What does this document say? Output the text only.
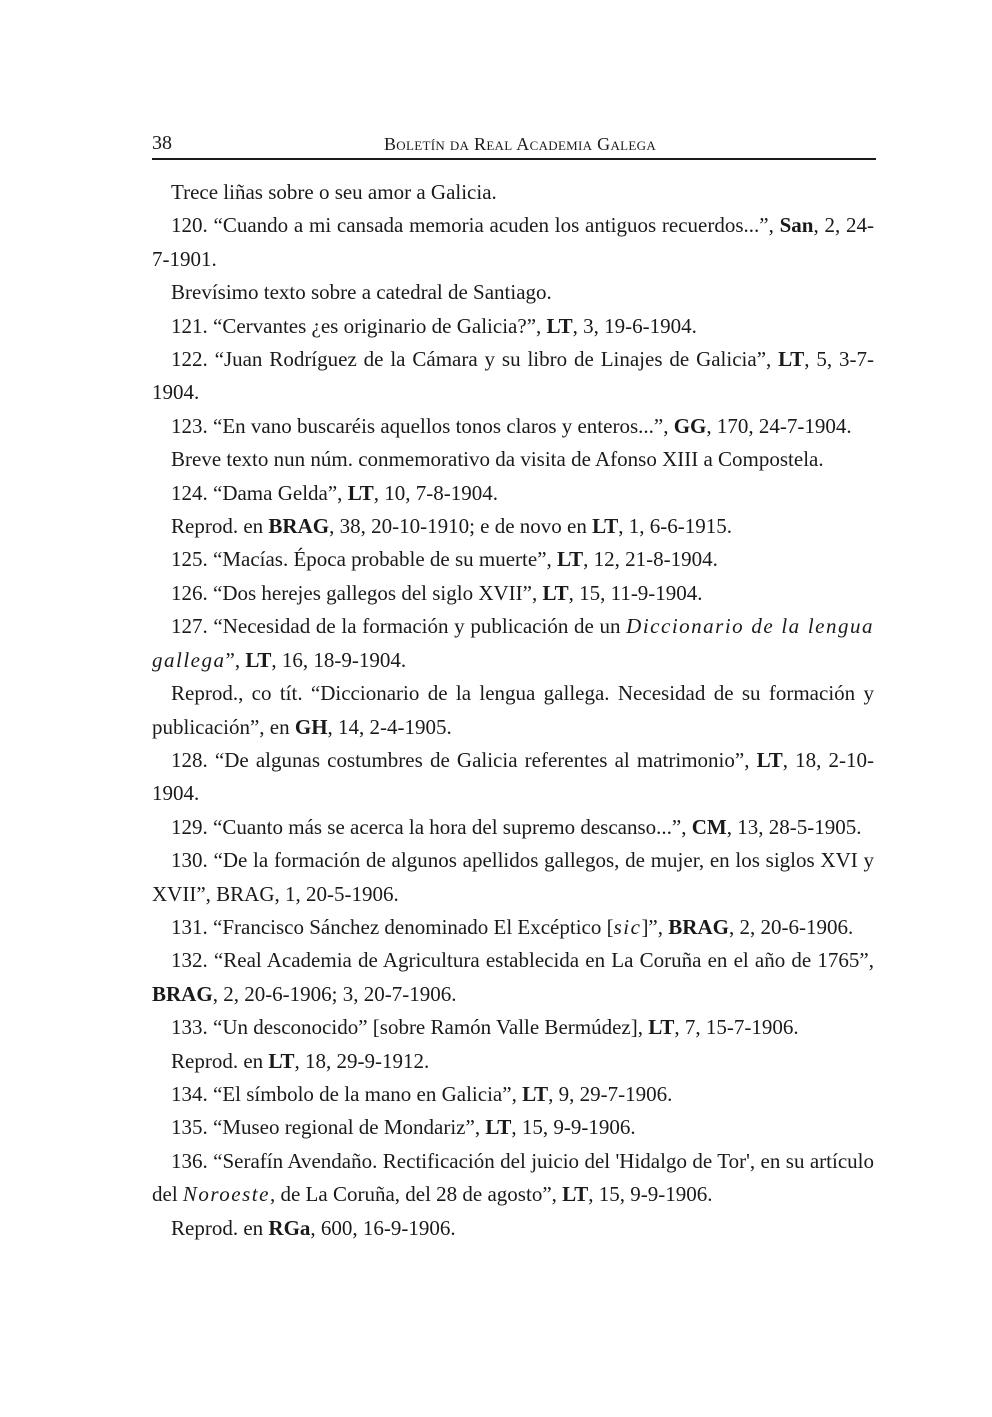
38	Boletín da Real Academia Galega

Trece liñas sobre o seu amor a Galicia.

120. “Cuando a mi cansada memoria acuden los antiguos recuerdos...”, San, 2, 24-7-1901.

Brevísimo texto sobre a catedral de Santiago.

121. “Cervantes ¿es originario de Galicia?”, LT, 3, 19-6-1904.

122. “Juan Rodríguez de la Cámara y su libro de Linajes de Galicia”, LT, 5, 3-7-1904.

123. “En vano buscaréis aquellos tonos claros y enteros...”, GG, 170, 24-7-1904.

Breve texto nun núm. conmemorativo da visita de Afonso XIII a Compostela.

124. “Dama Gelda”, LT, 10, 7-8-1904.

Reprod. en BRAG, 38, 20-10-1910; e de novo en LT, 1, 6-6-1915.

125. “Macías. Época probable de su muerte”, LT, 12, 21-8-1904.

126. “Dos herejes gallegos del siglo XVII”, LT, 15, 11-9-1904.

127. “Necesidad de la formación y publicación de un Diccionario de la lengua gallega”, LT, 16, 18-9-1904.

Reprod., co tít. “Diccionario de la lengua gallega. Necesidad de su formación y publicación”, en GH, 14, 2-4-1905.

128. “De algunas costumbres de Galicia referentes al matrimonio”, LT, 18, 2-10-1904.

129. “Cuanto más se acerca la hora del supremo descanso...”, CM, 13, 28-5-1905.

130. “De la formación de algunos apellidos gallegos, de mujer, en los siglos XVI y XVII”, BRAG, 1, 20-5-1906.

131. “Francisco Sánchez denominado El Excéptico [sic]”, BRAG, 2, 20-6-1906.

132. “Real Academia de Agricultura establecida en La Coruña en el año de 1765”, BRAG, 2, 20-6-1906; 3, 20-7-1906.

133. “Un desconocido” [sobre Ramón Valle Bermúdez], LT, 7, 15-7-1906.

Reprod. en LT, 18, 29-9-1912.

134. “El símbolo de la mano en Galicia”, LT, 9, 29-7-1906.

135. “Museo regional de Mondariz”, LT, 15, 9-9-1906.

136. “Serafín Avendaño. Rectificación del juicio del 'Hidalgo de Tor', en su artículo del Noroeste, de La Coruña, del 28 de agosto”, LT, 15, 9-9-1906.

Reprod. en RGa, 600, 16-9-1906.
